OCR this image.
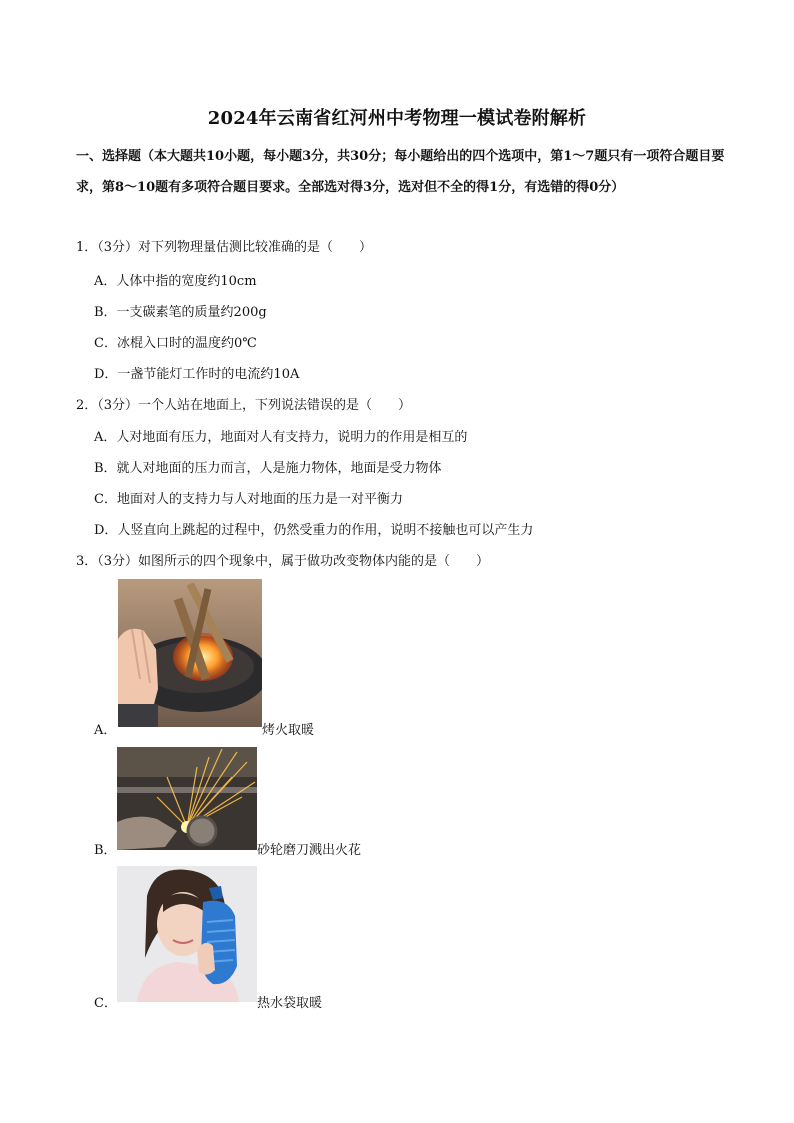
2024年云南省红河州中考物理一模试卷附解析
一、选择题（本大题共10小题，每小题3分，共30分；每小题给出的四个选项中，第1～7题只有一项符合题目要求，第8～10题有多项符合题目要求。全部选对得3分，选对但不全的得1分，有选错的得0分）
1．（3分）对下列物理量估测比较准确的是（　　）
A．人体中指的宽度约10cm
B．一支碳素笔的质量约200g
C．冰棍入口时的温度约0℃
D．一盏节能灯工作时的电流约10A
2．（3分）一个人站在地面上，下列说法错误的是（　　）
A．人对地面有压力，地面对人有支持力，说明力的作用是相互的
B．就人对地面的压力而言，人是施力物体，地面是受力物体
C．地面对人的支持力与人对地面的压力是一对平衡力
D．人竖直向上跳起的过程中，仍然受重力的作用，说明不接触也可以产生力
3．（3分）如图所示的四个现象中，属于做功改变物体内能的是（　　）
A．	烤火取暖
B．	砂轮磨刀溅出火花
C．	热水袋取暖
